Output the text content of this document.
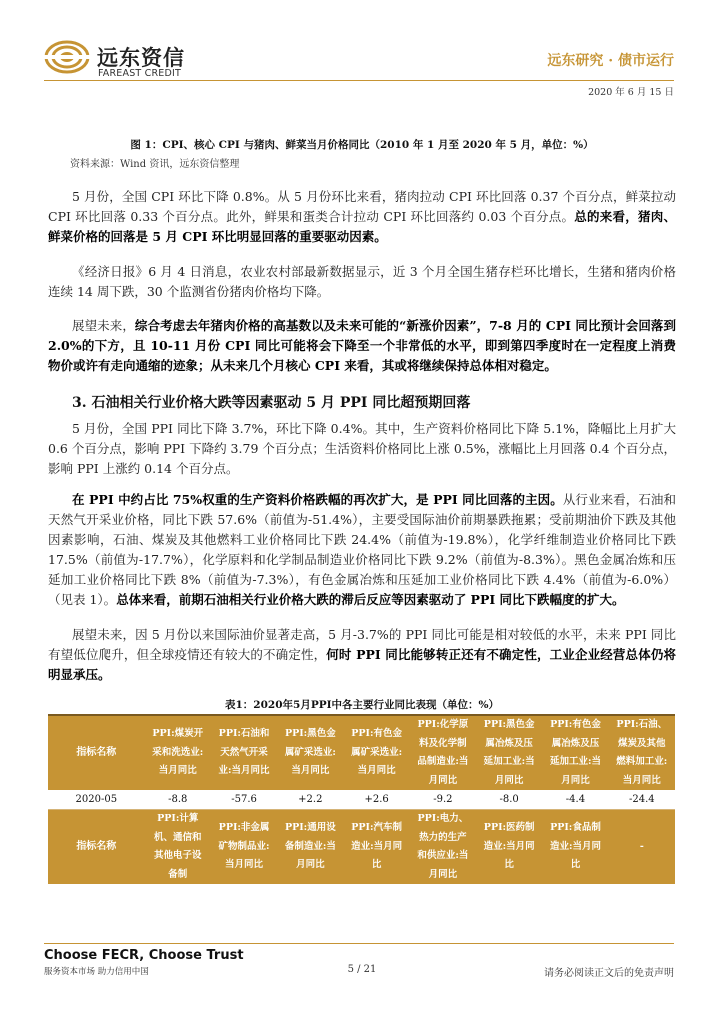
远东资信
FAREAST CREDIT
远东研究 · 债市运行
2020 年 6 月 15 日
图 1：CPI、核心 CPI 与猪肉、鲜菜当月价格同比（2010 年 1 月至 2020 年 5 月，单位：%）
资料来源：Wind 资讯，远东资信整理

5 月份，全国 CPI 环比下降 0.8%。从 5 月份环比来看，猪肉拉动 CPI 环比回落 0.37 个百分点，鲜菜拉动 CPI 环比回落 0.33 个百分点。此外，鲜果和蛋类合计拉动 CPI 环比回落约 0.03 个百分点。总的来看，猪肉、鲜菜价格的回落是 5 月 CPI 环比明显回落的重要驱动因素。

《经济日报》6 月 4 日消息，农业农村部最新数据显示，近 3 个月全国生猪存栏环比增长，生猪和猪肉价格连续 14 周下跌，30 个监测省份猪肉价格均下降。

展望未来，综合考虑去年猪肉价格的高基数以及未来可能的“新涨价因素”，7-8 月的 CPI 同比预计会回落到 2.0%的下方，且 10-11 月份 CPI 同比可能将会下降至一个非常低的水平，即到第四季度时在一定程度上消费物价或许有走向通缩的迹象；从未来几个月核心 CPI 来看，其或将继续保持总体相对稳定。

3. 石油相关行业价格大跌等因素驱动 5 月 PPI 同比超预期回落

5 月份，全国 PPI 同比下降 3.7%，环比下降 0.4%。其中，生产资料价格同比下降 5.1%，降幅比上月扩大 0.6 个百分点，影响 PPI 下降约 3.79 个百分点；生活资料价格同比上涨 0.5%，涨幅比上月回落 0.4 个百分点，影响 PPI 上涨约 0.14 个百分点。

在 PPI 中约占比 75%权重的生产资料价格跌幅的再次扩大，是 PPI 同比回落的主因。从行业来看，石油和天然气开采业价格，同比下跌 57.6%（前值为-51.4%），主要受国际油价前期暴跌拖累；受前期油价下跌及其他因素影响，石油、煤炭及其他燃料工业价格同比下跌 24.4%（前值为-19.8%），化学纤维制造业价格同比下跌 17.5%（前值为-17.7%），化学原料和化学制品制造业价格同比下跌 9.2%（前值为-8.3%）。黑色金属冶炼和压延加工业价格同比下跌 8%（前值为-7.3%），有色金属冶炼和压延加工业价格同比下跌 4.4%（前值为-6.0%）（见表 1）。总体来看，前期石油相关行业价格大跌的滞后反应等因素驱动了 PPI 同比下跌幅度的扩大。

展望未来，因 5 月份以来国际油价显著走高，5 月-3.7%的 PPI 同比可能是相对较低的水平，未来 PPI 同比有望低位爬升，但全球疫情还有较大的不确定性，何时 PPI 同比能够转正还有不确定性，工业企业经营总体仍将明显承压。

表1：2020年5月PPI中各主要行业同比表现（单位：%）
指标名称	PPI:煤炭开采和洗选业:当月同比	PPI:石油和天然气开采业:当月同比	PPI:黑色金属矿采选业:当月同比	PPI:有色金属矿采选业:当月同比	PPI:化学原料及化学制品制造业:当月同比	PPI:黑色金属冶炼及压延加工业:当月同比	PPI:有色金属冶炼及压延加工业:当月同比	PPI:石油、煤炭及其他燃料加工业:当月同比
2020-05	-8.8	-57.6	+2.2	+2.6	-9.2	-8.0	-4.4	-24.4
指标名称	PPI:计算机、通信和其他电子设备制	PPI:非金属矿物制品业:当月同比	PPI:通用设备制造业:当月同比	PPI:汽车制造业:当月同比	PPI:电力、热力的生产和供应业:当月同比	PPI:医药制造业:当月同比	PPI:食品制造业:当月同比	-
Choose FECR, Choose Trust
服务资本市场 助力信用中国	5 / 21	请务必阅读正文后的免责声明
